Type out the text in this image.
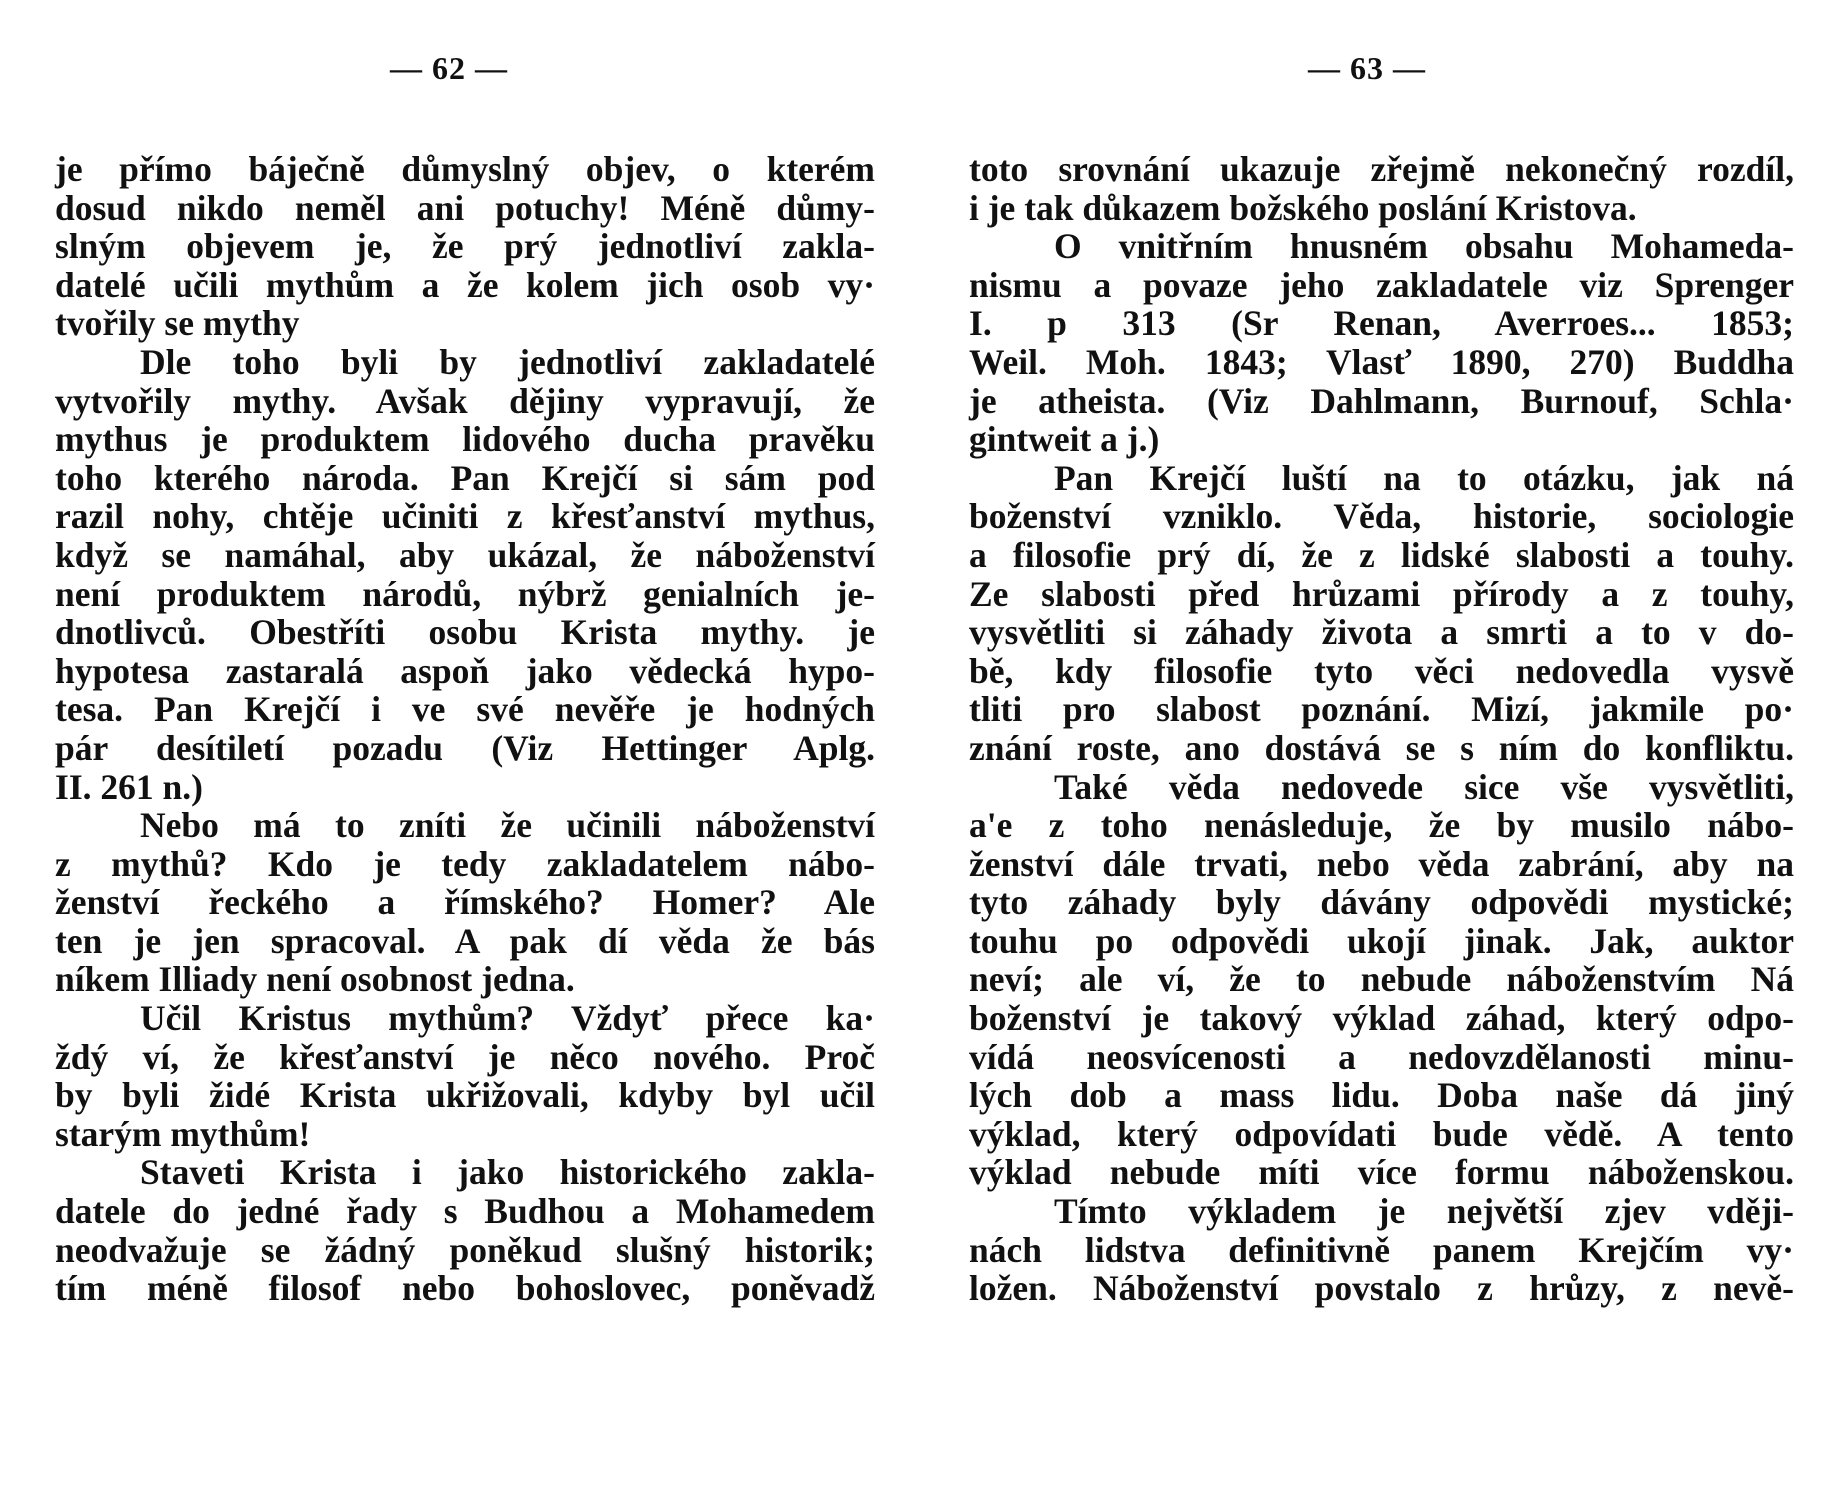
— 62 —
je přímo báječně důmyslný objev, o kterém
dosud nikdo neměl ani potuchy! Méně důmy-
slným objevem je, že prý jednotliví zakla-
datelé učili mythům a že kolem jich osob vy·
tvořily se mythy
Dle toho byli by jednotliví zakladatelé
vytvořily mythy. Avšak dějiny vypravují, že
mythus je produktem lidového ducha pravěku
toho kterého národa. Pan Krejčí si sám pod
razil nohy, chtěje učiniti z křesťanství mythus,
když se namáhal, aby ukázal, že náboženství
není produktem národů, nýbrž genialních je-
dnotlivců. Obestříti osobu Krista mythy. je
hypotesa zastaralá aspoň jako vědecká hypo-
tesa. Pan Krejčí i ve své nevěře je hodných
pár desítiletí pozadu (Viz Hettinger Aplg.
II. 261 n.)
Nebo má to zníti že učinili náboženství
z mythů? Kdo je tedy zakladatelem nábo-
ženství řeckého a římského? Homer? Ale
ten je jen spracoval. A pak dí věda že bás
níkem Illiady není osobnost jedna.
Učil Kristus mythům? Vždyť přece ka·
ždý ví, že křesťanství je něco nového. Proč
by byli židé Krista ukřižovali, kdyby byl učil
starým mythům!
Staveti Krista i jako historického zakla-
datele do jedné řady s Budhou a Mohamedem
neodvažuje se žádný poněkud slušný historik;
tím méně filosof nebo bohoslovec, poněvadž
— 63 —
toto srovnání ukazuje zřejmě nekonečný rozdíl,
i je tak důkazem božského poslání Kristova.
O vnitřním hnusném obsahu Mohameda-
nismu a povaze jeho zakladatele viz Sprenger
I. p 313 (Sr Renan, Averroes... 1853;
Weil. Moh. 1843; Vlasť 1890, 270) Buddha
je atheista. (Viz Dahlmann, Burnouf, Schla·
gintweit a j.)
Pan Krejčí luští na to otázku, jak ná
boženství vzniklo. Věda, historie, sociologie
a filosofie prý dí, že z lidské slabosti a touhy.
Ze slabosti před hrůzami přírody a z touhy,
vysvětliti si záhady života a smrti a to v do-
bě, kdy filosofie tyto věci nedovedla vysvě
tliti pro slabost poznání. Mizí, jakmile po·
znání roste, ano dostává se s ním do konfliktu.
Také věda nedovede sice vše vysvětliti,
a'e z toho nenásleduje, že by musilo nábo-
ženství dále trvati, nebo věda zabrání, aby na
tyto záhady byly dávány odpovědi mystické;
touhu po odpovědi ukojí jinak. Jak, auktor
neví; ale ví, že to nebude náboženstvím Ná
boženství je takový výklad záhad, který odpo-
vídá neosvícenosti a nedovzdělanosti minu-
lých dob a mass lidu. Doba naše dá jiný
výklad, který odpovídati bude vědě. A tento
výklad nebude míti více formu náboženskou.
Tímto výkladem je největší zjev vději-
nách lidstva definitivně panem Krejčím vy·
ložen. Náboženství povstalo z hrůzy, z nevě-
